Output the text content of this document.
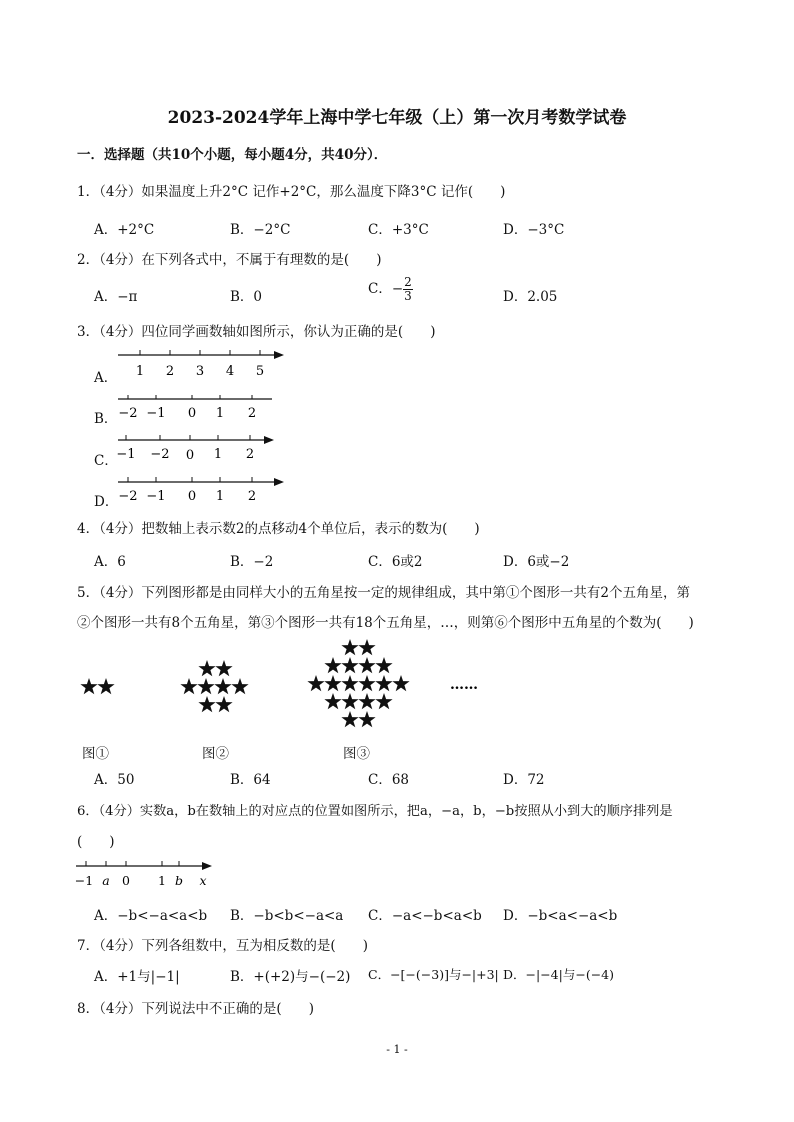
2023-2024学年上海中学七年级（上）第一次月考数学试卷
一．选择题（共10个小题，每小题4分，共40分）．
1．（4分）如果温度上升2°C 记作+2°C，那么温度下降3°C 记作(　　)
A．+2°C	B．−2°C	C．+3°C	D．−3°C
2．（4分）在下列各式中，不属于有理数的是(　　)
A．−π	B．0	C．− $\frac{2}{3}$	D．2.05
3．（4分）四位同学画数轴如图所示，你认为正确的是(　　)
A．
B．
C．
D．
1 2 3 4 5
−2 −1 0 1 2
−1 −2 0 1 2
−2 −1 0 1 2
4．（4分）把数轴上表示数2的点移动4个单位后，表示的数为(　　)
A．6	B．−2	C．6或2	D．6或−2
5．（4分）下列图形都是由同样大小的五角星按一定的规律组成，其中第①个图形一共有2个五角星，第
②个图形一共有8个五角星，第③个图形一共有18个五角星，…，则第⑥个图形中五角星的个数为(　　)
……
图①	图②	图③
A．50	B．64	C．68	D．72
6．（4分）实数a，b在数轴上的对应点的位置如图所示，把a，−a，b，−b按照从小到大的顺序排列是
(　　)
−1 a 0 1 b x
A．−b<−a<a<b B．−b<b<−a<a C．−a<−b<a<b D．−b<a<−a<b
7．（4分）下列各组数中，互为相反数的是(　　)
A．+1与|−1|	B．+(+2)与−(−2) C．−[−(−3)]与−|+3| D．−|−4|与−(−4)
8．（4分）下列说法中不正确的是(　　)
- 1 -
